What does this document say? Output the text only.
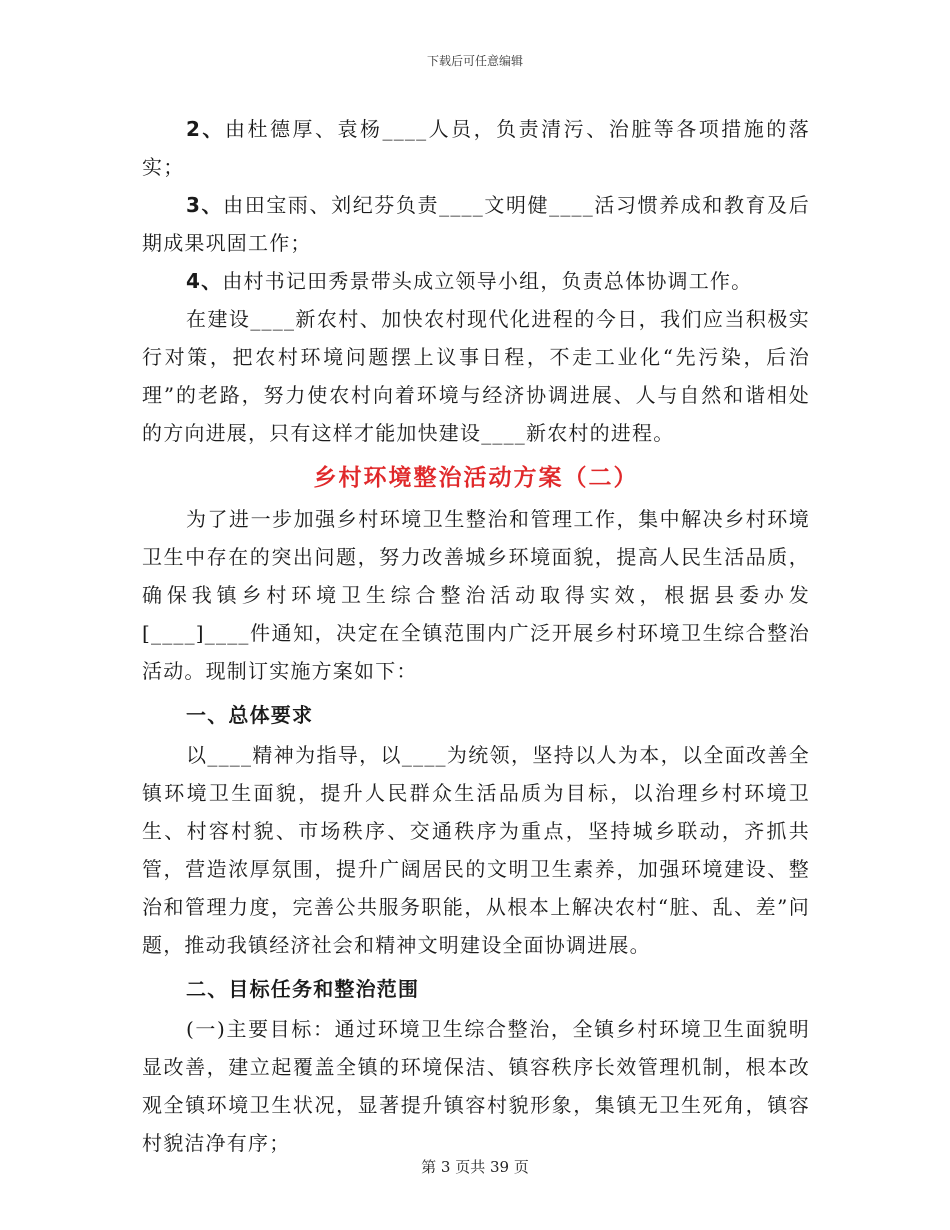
下载后可任意编辑

2、由杜德厚、袁杨____人员，负责清污、治脏等各项措施的落实；

3、由田宝雨、刘纪芬负责____文明健____活习惯养成和教育及后期成果巩固工作；

4、由村书记田秀景带头成立领导小组，负责总体协调工作。

在建设____新农村、加快农村现代化进程的今日，我们应当积极实行对策，把农村环境问题摆上议事日程，不走工业化“先污染，后治理”的老路，努力使农村向着环境与经济协调进展、人与自然和谐相处的方向进展，只有这样才能加快建设____新农村的进程。

乡村环境整治活动方案（二）

为了进一步加强乡村环境卫生整治和管理工作，集中解决乡村环境卫生中存在的突出问题，努力改善城乡环境面貌，提高人民生活品质，确保我镇乡村环境卫生综合整治活动取得实效，根据县委办发[____]____件通知，决定在全镇范围内广泛开展乡村环境卫生综合整治活动。现制订实施方案如下：

一、总体要求

以____精神为指导，以____为统领，坚持以人为本，以全面改善全镇环境卫生面貌，提升人民群众生活品质为目标，以治理乡村环境卫生、村容村貌、市场秩序、交通秩序为重点，坚持城乡联动，齐抓共管，营造浓厚氛围，提升广阔居民的文明卫生素养，加强环境建设、整治和管理力度，完善公共服务职能，从根本上解决农村“脏、乱、差”问题，推动我镇经济社会和精神文明建设全面协调进展。

二、目标任务和整治范围

(一)主要目标：通过环境卫生综合整治，全镇乡村环境卫生面貌明显改善，建立起覆盖全镇的环境保洁、镇容秩序长效管理机制，根本改观全镇环境卫生状况，显著提升镇容村貌形象，集镇无卫生死角，镇容村貌洁净有序；

第 3 页共 39 页
